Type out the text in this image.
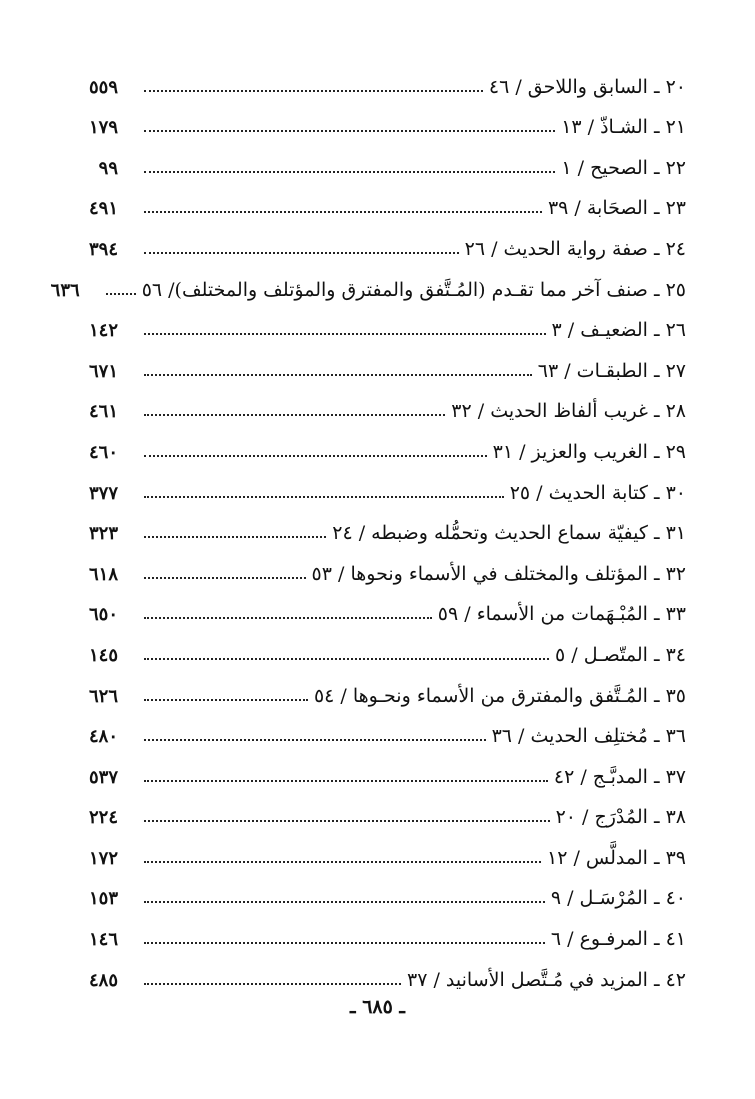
٢٠ ـ السابق واللاحق / ٤٦
٥٥٩
٢١ ـ الشـاذّ / ١٣
١٧٩
٢٢ ـ الصحيح / ١
٩٩
٢٣ ـ الصحَابة / ٣٩
٤٩١
٢٤ ـ صفة رواية الحديث / ٢٦
٣٩٤
٢٥ ـ صنف آخر مما تقـدم (المُـتَّفق والمفترق والمؤتلف والمختلف)/ ٥٦
٦٣٦
٢٦ ـ الضعيـف / ٣
١٤٢
٢٧ ـ الطبقـات / ٦٣
٦٧١
٢٨ ـ غريب ألفاظ الحديث / ٣٢
٤٦١
٢٩ ـ الغريب والعزيز / ٣١
٤٦٠
٣٠ ـ كتابة الحديث / ٢٥
٣٧٧
٣١ ـ كيفيّة سماع الحديث وتحمُّله وضبطه / ٢٤
٣٢٣
٣٢ ـ المؤتلف والمختلف في الأسماء ونحوها / ٥٣
٦١٨
٣٣ ـ المُبْـهَمات من الأسماء / ٥٩
٦٥٠
٣٤ ـ المتّصـل / ٥
١٤٥
٣٥ ـ المُـتَّفق والمفترق من الأسماء ونحـوها / ٥٤
٦٢٦
٣٦ ـ مُختلِف الحديث / ٣٦
٤٨٠
٣٧ ـ المدبَّـج / ٤٢
٥٣٧
٣٨ ـ المُدْرَج / ٢٠
٢٢٤
٣٩ ـ المدلَّس / ١٢
١٧٢
٤٠ ـ المُرْسَـل / ٩
١٥٣
٤١ ـ المرفـوع / ٦
١٤٦
٤٢ ـ المزيد في مُـتَّصل الأسانيد / ٣٧
٤٨٥
ـ ٦٨٥ ـ
